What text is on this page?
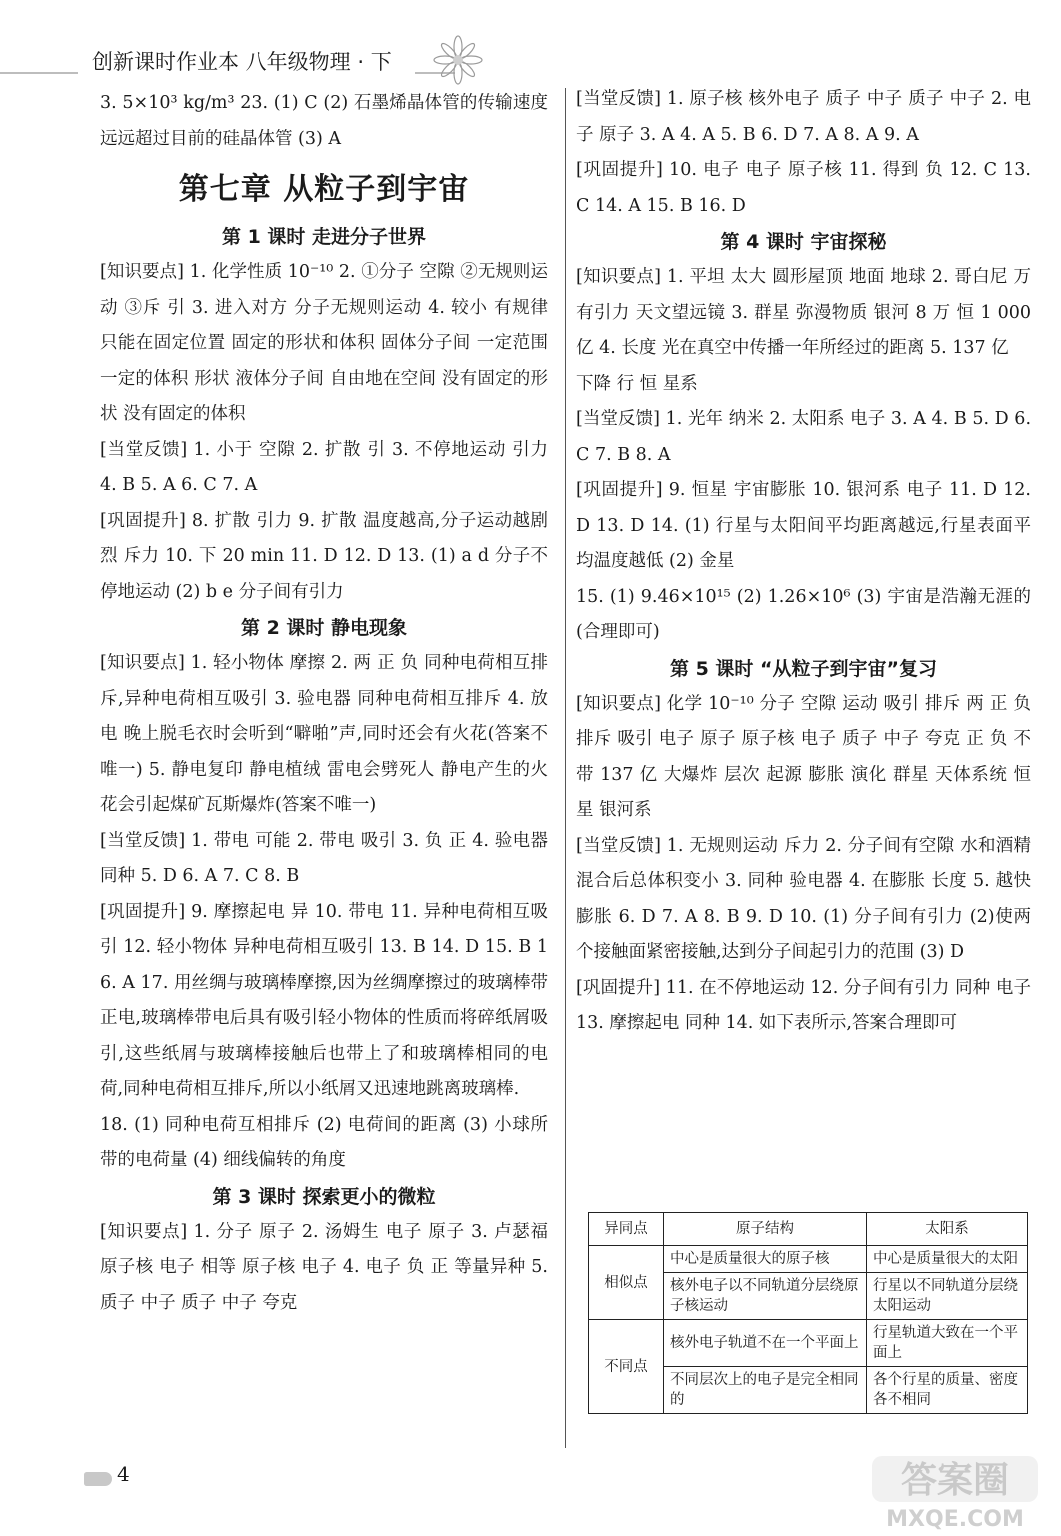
创新课时作业本 八年级物理 · 下

3. 5×10³ kg/m³ 23. (1) C (2) 石墨烯晶体管的传输速度远远超过目前的硅晶体管 (3) A

第七章 从粒子到宇宙
第 1 课时 走进分子世界

[知识要点] 1. 化学性质 10⁻¹⁰ 2. ①分子 空隙 ②无规则运动 ③斥 引 3. 进入对方 分子无规则运动 4. 较小 有规律 只能在固定位置 固定的形状和体积 固体分子间 一定范围 一定的体积 形状 液体分子间 自由地在空间 没有固定的形状 没有固定的体积

[当堂反馈] 1. 小于 空隙 2. 扩散 引 3. 不停地运动 引力 4. B 5. A 6. C 7. A

[巩固提升] 8. 扩散 引力 9. 扩散 温度越高,分子运动越剧烈 斥力 10. 下 20 min 11. D 12. D 13. (1) a d 分子不停地运动 (2) b e 分子间有引力

第 2 课时 静电现象

[知识要点] 1. 轻小物体 摩擦 2. 两 正 负 同种电荷相互排斥,异种电荷相互吸引 3. 验电器 同种电荷相互排斥 4. 放电 晚上脱毛衣时会听到“噼啪”声,同时还会有火花(答案不唯一) 5. 静电复印 静电植绒 雷电会劈死人 静电产生的火花会引起煤矿瓦斯爆炸(答案不唯一)

[当堂反馈] 1. 带电 可能 2. 带电 吸引 3. 负 正 4. 验电器 同种 5. D 6. A 7. C 8. B

[巩固提升] 9. 摩擦起电 异 10. 带电 11. 异种电荷相互吸引 12. 轻小物体 异种电荷相互吸引 13. B 14. D 15. B 16. A 17. 用丝绸与玻璃棒摩擦,因为丝绸摩擦过的玻璃棒带正电,玻璃棒带电后具有吸引轻小物体的性质而将碎纸屑吸引,这些纸屑与玻璃棒接触后也带上了和玻璃棒相同的电荷,同种电荷相互排斥,所以小纸屑又迅速地跳离玻璃棒.

18. (1) 同种电荷互相排斥 (2) 电荷间的距离 (3) 小球所带的电荷量 (4) 细线偏转的角度

第 3 课时 探索更小的微粒

[知识要点] 1. 分子 原子 2. 汤姆生 电子 原子 3. 卢瑟福 原子核 电子 相等 原子核 电子 4. 电子 负 正 等量异种 5. 质子 中子 质子 中子 夸克

[当堂反馈] 1. 原子核 核外电子 质子 中子 质子 中子 2. 电子 原子 3. A 4. A 5. B 6. D 7. A 8. A 9. A

[巩固提升] 10. 电子 电子 原子核 11. 得到 负 12. C 13. C 14. A 15. B 16. D

第 4 课时 宇宙探秘

[知识要点] 1. 平坦 太大 圆形屋顶 地面 地球 2. 哥白尼 万有引力 天文望远镜 3. 群星 弥漫物质 银河 8 万 恒 1 000 亿 4. 长度 光在真空中传播一年所经过的距离 5. 137 亿

下降 行 恒 星系

[当堂反馈] 1. 光年 纳米 2. 太阳系 电子 3. A 4. B 5. D 6. C 7. B 8. A

[巩固提升] 9. 恒星 宇宙膨胀 10. 银河系 电子 11. D 12. D 13. D 14. (1) 行星与太阳间平均距离越远,行星表面平均温度越低 (2) 金星

15. (1) 9.46×10¹⁵ (2) 1.26×10⁶ (3) 宇宙是浩瀚无涯的(合理即可)

第 5 课时 “从粒子到宇宙”复习

[知识要点] 化学 10⁻¹⁰ 分子 空隙 运动 吸引 排斥 两 正 负 排斥 吸引 电子 原子 原子核 电子 质子 中子 夸克 正 负 不带 137 亿 大爆炸 层次 起源 膨胀 演化 群星 天体系统 恒星 银河系

[当堂反馈] 1. 无规则运动 斥力 2. 分子间有空隙 水和酒精混合后总体积变小 3. 同种 验电器 4. 在膨胀 长度 5. 越快 膨胀 6. D 7. A 8. B 9. D 10. (1) 分子间有引力 (2)使两个接触面紧密接触,达到分子间起引力的范围 (3) D

[巩固提升] 11. 在不停地运动 12. 分子间有引力 同种 电子 13. 摩擦起电 同种 14. 如下表所示,答案合理即可

异同点	原子结构	太阳系
相似点	中心是质量很大的原子核	中心是质量很大的太阳
	核外电子以不同轨道分层绕原子核运动	行星以不同轨道分层绕太阳运动
不同点	核外电子轨道不在一个平面上	行星轨道大致在一个平面上
	不同层次上的电子是完全相同的	各个行星的质量、密度各不相同
4	答案圈
MXQE.COM
